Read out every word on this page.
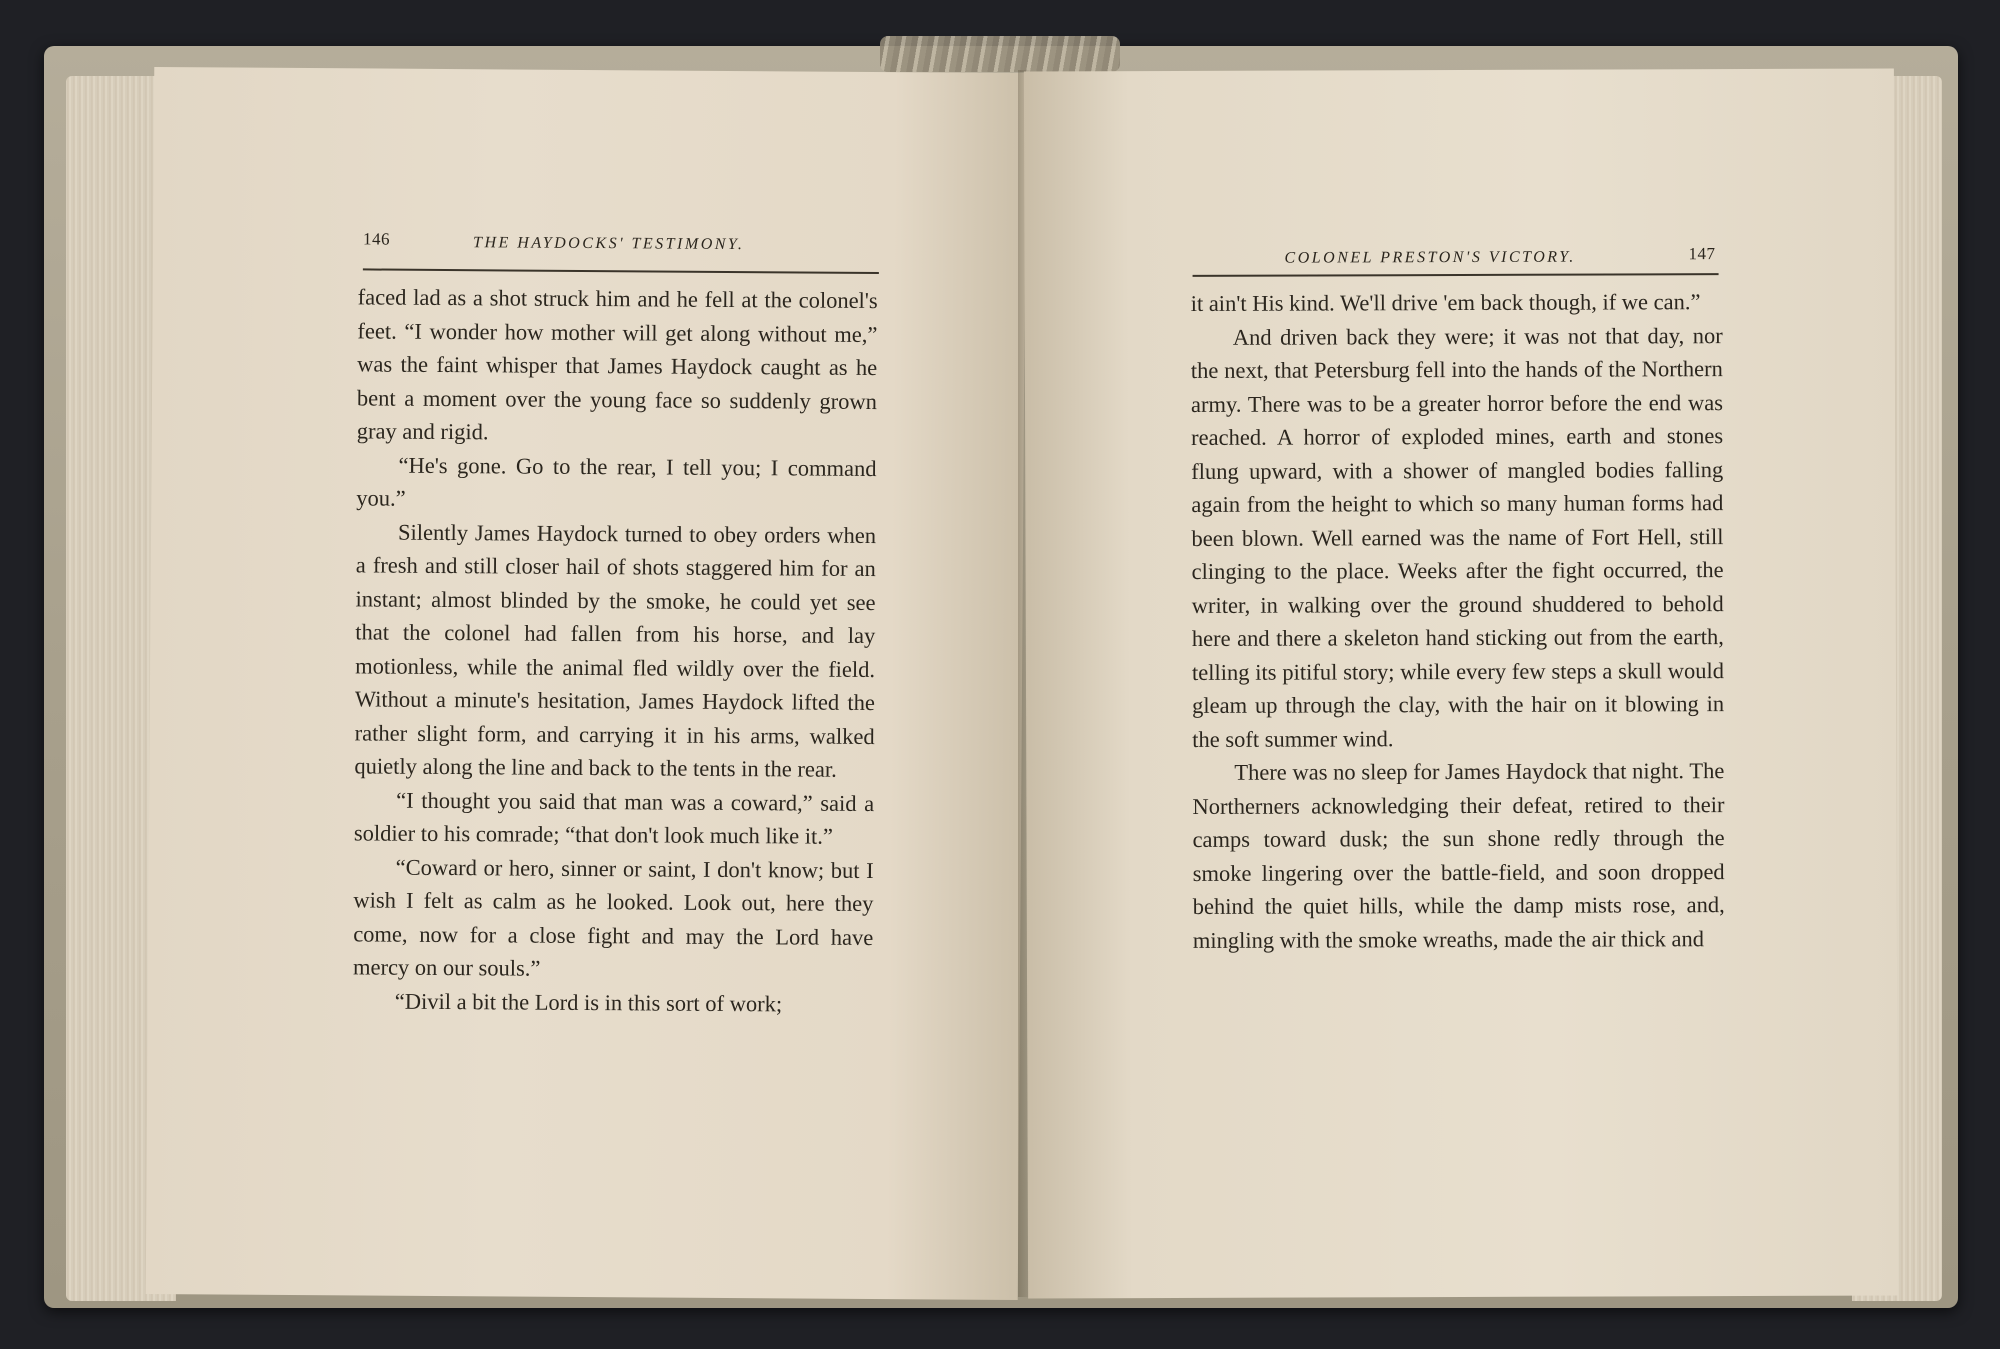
146	THE HAYDOCKS' TESTIMONY.

faced lad as a shot struck him and he fell at the colonel's feet. “I wonder how mother will get along without me,” was the faint whisper that James Haydock caught as he bent a moment over the young face so suddenly grown gray and rigid.

“He's gone. Go to the rear, I tell you; I command you.”

Silently James Haydock turned to obey orders when a fresh and still closer hail of shots staggered him for an instant; almost blinded by the smoke, he could yet see that the colonel had fallen from his horse, and lay motionless, while the animal fled wildly over the field. Without a minute's hesitation, James Haydock lifted the rather slight form, and carrying it in his arms, walked quietly along the line and back to the tents in the rear.

“I thought you said that man was a coward,” said a soldier to his comrade; “that don't look much like it.”

“Coward or hero, sinner or saint, I don't know; but I wish I felt as calm as he looked. Look out, here they come, now for a close fight and may the Lord have mercy on our souls.”

“Divil a bit the Lord is in this sort of work;

COLONEL PRESTON'S VICTORY.	147

it ain't His kind. We'll drive 'em back though, if we can.”

And driven back they were; it was not that day, nor the next, that Petersburg fell into the hands of the Northern army. There was to be a greater horror before the end was reached. A horror of exploded mines, earth and stones flung upward, with a shower of mangled bodies falling again from the height to which so many human forms had been blown. Well earned was the name of Fort Hell, still clinging to the place. Weeks after the fight occurred, the writer, in walking over the ground shuddered to behold here and there a skeleton hand sticking out from the earth, telling its pitiful story; while every few steps a skull would gleam up through the clay, with the hair on it blowing in the soft summer wind.

There was no sleep for James Haydock that night. The Northerners acknowledging their defeat, retired to their camps toward dusk; the sun shone redly through the smoke lingering over the battle-field, and soon dropped behind the quiet hills, while the damp mists rose, and, mingling with the smoke wreaths, made the air thick and
